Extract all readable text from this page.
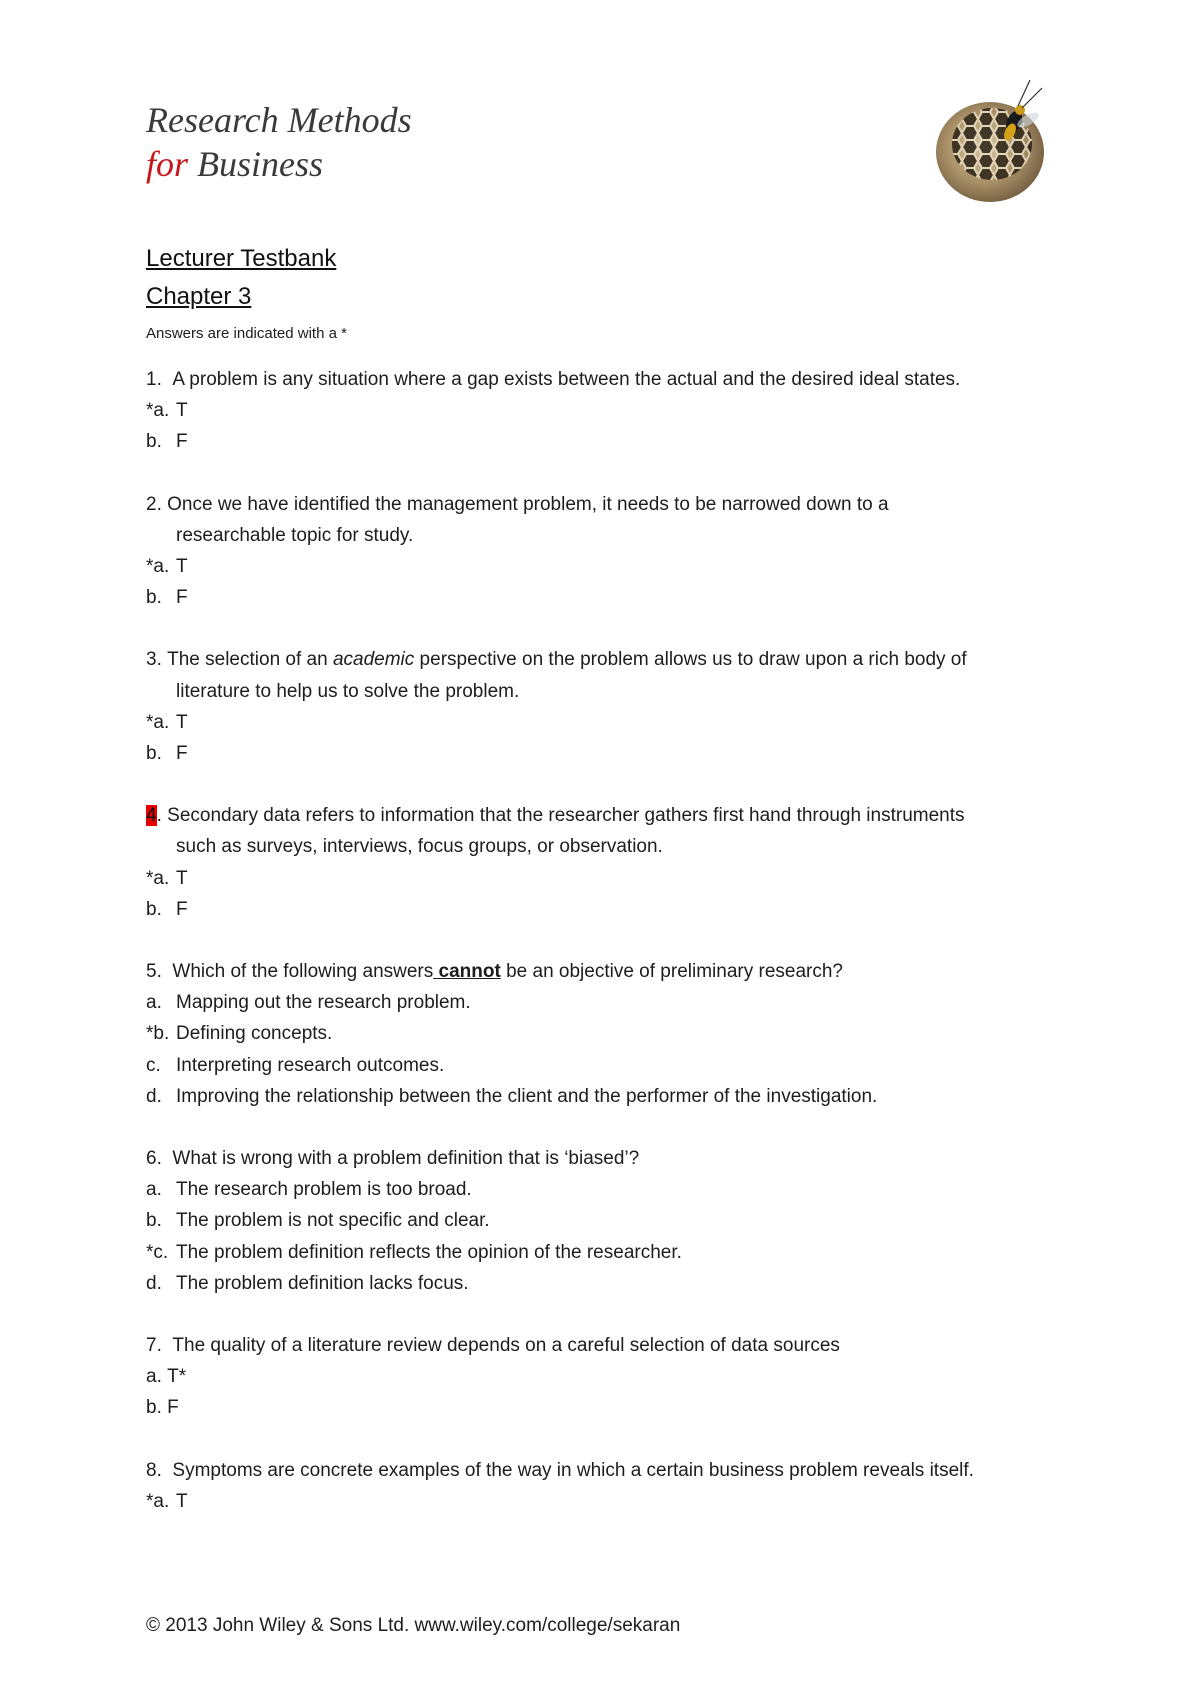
Research Methods
for Business
Lecturer Testbank
Chapter 3
Answers are indicated with a *
1. A problem is any situation where a gap exists between the actual and the desired ideal states.
*a. T
b. F
2. Once we have identified the management problem, it needs to be narrowed down to a
researchable topic for study.
*a. T
b. F
3. The selection of an academic perspective on the problem allows us to draw upon a rich body of
literature to help us to solve the problem.
*a. T
b. F
4. Secondary data refers to information that the researcher gathers first hand through instruments
such as surveys, interviews, focus groups, or observation.
*a. T
b. F
5. Which of the following answers cannot be an objective of preliminary research?
a. Mapping out the research problem.
*b. Defining concepts.
c. Interpreting research outcomes.
d. Improving the relationship between the client and the performer of the investigation.
6. What is wrong with a problem definition that is ‘biased’?
a. The research problem is too broad.
b. The problem is not specific and clear.
*c. The problem definition reflects the opinion of the researcher.
d. The problem definition lacks focus.
7. The quality of a literature review depends on a careful selection of data sources
a. T*
b. F
8. Symptoms are concrete examples of the way in which a certain business problem reveals itself.
*a. T
© 2013 John Wiley & Sons Ltd. www.wiley.com/college/sekaran
